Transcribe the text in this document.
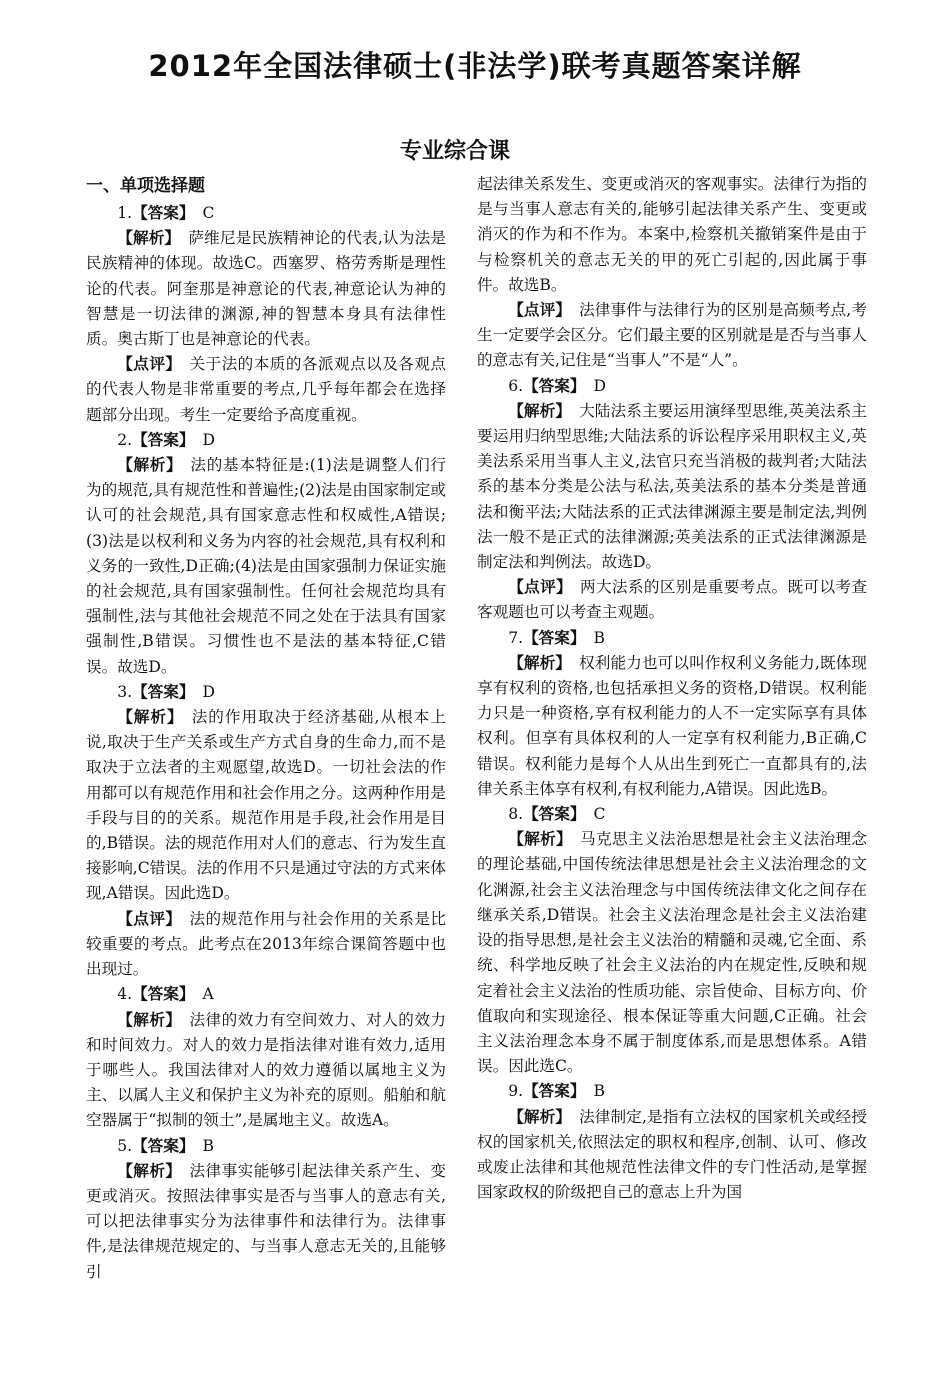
2012年全国法律硕士(非法学)联考真题答案详解
专业综合课
一、单项选择题

1.【答案】 C

【解析】 萨维尼是民族精神论的代表,认为法是民族精神的体现。故选C。西塞罗、格劳秀斯是理性论的代表。阿奎那是神意论的代表,神意论认为神的智慧是一切法律的渊源,神的智慧本身具有法律性质。奥古斯丁也是神意论的代表。

【点评】 关于法的本质的各派观点以及各观点的代表人物是非常重要的考点,几乎每年都会在选择题部分出现。考生一定要给予高度重视。

2.【答案】 D

【解析】 法的基本特征是:(1)法是调整人们行为的规范,具有规范性和普遍性;(2)法是由国家制定或认可的社会规范,具有国家意志性和权威性,A错误;(3)法是以权利和义务为内容的社会规范,具有权利和义务的一致性,D正确;(4)法是由国家强制力保证实施的社会规范,具有国家强制性。任何社会规范均具有强制性,法与其他社会规范不同之处在于法具有国家强制性,B错误。习惯性也不是法的基本特征,C错误。故选D。

3.【答案】 D

【解析】 法的作用取决于经济基础,从根本上说,取决于生产关系或生产方式自身的生命力,而不是取决于立法者的主观愿望,故选D。一切社会法的作用都可以有规范作用和社会作用之分。这两种作用是手段与目的的关系。规范作用是手段,社会作用是目的,B错误。法的规范作用对人们的意志、行为发生直接影响,C错误。法的作用不只是通过守法的方式来体现,A错误。因此选D。

【点评】 法的规范作用与社会作用的关系是比较重要的考点。此考点在2013年综合课简答题中也出现过。

4.【答案】 A

【解析】 法律的效力有空间效力、对人的效力和时间效力。对人的效力是指法律对谁有效力,适用于哪些人。我国法律对人的效力遵循以属地主义为主、以属人主义和保护主义为补充的原则。船舶和航空器属于“拟制的领土”,是属地主义。故选A。

5.【答案】 B

【解析】 法律事实能够引起法律关系产生、变更或消灭。按照法律事实是否与当事人的意志有关,可以把法律事实分为法律事件和法律行为。法律事件,是法律规范规定的、与当事人意志无关的,且能够引

起法律关系发生、变更或消灭的客观事实。法律行为指的是与当事人意志有关的,能够引起法律关系产生、变更或消灭的作为和不作为。本案中,检察机关撤销案件是由于与检察机关的意志无关的甲的死亡引起的,因此属于事件。故选B。

【点评】 法律事件与法律行为的区别是高频考点,考生一定要学会区分。它们最主要的区别就是是否与当事人的意志有关,记住是“当事人”不是“人”。

6.【答案】 D

【解析】 大陆法系主要运用演绎型思维,英美法系主要运用归纳型思维;大陆法系的诉讼程序采用职权主义,英美法系采用当事人主义,法官只充当消极的裁判者;大陆法系的基本分类是公法与私法,英美法系的基本分类是普通法和衡平法;大陆法系的正式法律渊源主要是制定法,判例法一般不是正式的法律渊源;英美法系的正式法律渊源是制定法和判例法。故选D。

【点评】 两大法系的区别是重要考点。既可以考查客观题也可以考查主观题。

7.【答案】 B

【解析】 权利能力也可以叫作权利义务能力,既体现享有权利的资格,也包括承担义务的资格,D错误。权利能力只是一种资格,享有权利能力的人不一定实际享有具体权利。但享有具体权利的人一定享有权利能力,B正确,C错误。权利能力是每个人从出生到死亡一直都具有的,法律关系主体享有权利,有权利能力,A错误。因此选B。

8.【答案】 C

【解析】 马克思主义法治思想是社会主义法治理念的理论基础,中国传统法律思想是社会主义法治理念的文化渊源,社会主义法治理念与中国传统法律文化之间存在继承关系,D错误。社会主义法治理念是社会主义法治建设的指导思想,是社会主义法治的精髓和灵魂,它全面、系统、科学地反映了社会主义法治的内在规定性,反映和规定着社会主义法治的性质功能、宗旨使命、目标方向、价值取向和实现途径、根本保证等重大问题,C正确。社会主义法治理念本身不属于制度体系,而是思想体系。A错误。因此选C。

9.【答案】 B

【解析】 法律制定,是指有立法权的国家机关或经授权的国家机关,依照法定的职权和程序,创制、认可、修改或废止法律和其他规范性法律文件的专门性活动,是掌握国家政权的阶级把自己的意志上升为国
